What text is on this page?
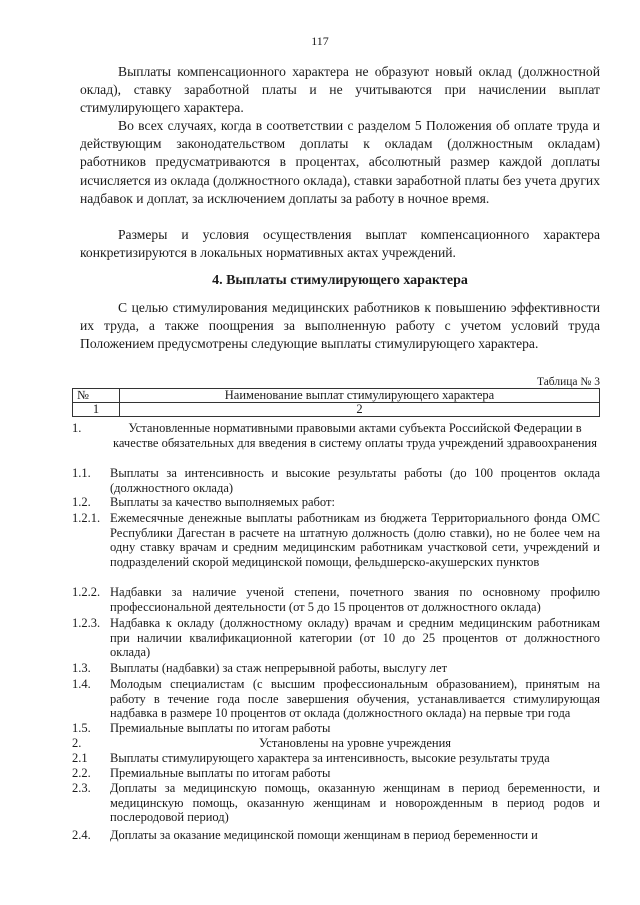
117

Выплаты компенсационного характера не образуют новый оклад (должностной оклад), ставку заработной платы и не учитываются при начислении выплат стимулирующего характера.

Во всех случаях, когда в соответствии с разделом 5 Положения об оплате труда и действующим законодательством доплаты к окладам (должностным окладам) работников предусматриваются в процентах, абсолютный размер каждой доплаты исчисляется из оклада (должностного оклада), ставки заработной платы без учета других надбавок и доплат, за исключением доплаты за работу в ночное время.

Размеры и условия осуществления выплат компенсационного характера конкретизируются в локальных нормативных актах учреждений.

4. Выплаты стимулирующего характера

С целью стимулирования медицинских работников к повышению эффективности их труда, а также поощрения за выполненную работу с учетом условий труда Положением предусмотрены следующие выплаты стимулирующего характера.

Таблица № 3
№	Наименование выплат стимулирующего характера
1	2
1.	Установленные нормативными правовыми актами субъекта Российской Федерации в качестве обязательных для введения в систему оплаты труда учреждений здравоохранения
1.1.	Выплаты за интенсивность и высокие результаты работы (до 100 процентов оклада (должностного оклада)
1.2.	Выплаты за качество выполняемых работ:
1.2.1. Ежемесячные денежные выплаты работникам из бюджета Территориального фонда ОМС Республики Дагестан в расчете на штатную должность (долю ставки), но не более чем на одну ставку врачам и средним медицинским работникам участковой сети, учреждений и подразделений скорой медицинской помощи, фельдшерско-акушерских пунктов
1.2.2. Надбавки за наличие ученой степени, почетного звания по основному профилю профессиональной деятельности (от 5 до 15 процентов от должностного оклада)
1.2.3. Надбавка к окладу (должностному окладу) врачам и средним медицинским работникам при наличии квалификационной категории (от 10 до 25 процентов от должностного оклада)
1.3.	Выплаты (надбавки) за стаж непрерывной работы, выслугу лет
1.4.	Молодым специалистам (с высшим профессиональным образованием), принятым на работу в течение года после завершения обучения, устанавливается стимулирующая надбавка в размере 10 процентов от оклада (должностного оклада) на первые три года
1.5.	Премиальные выплаты по итогам работы
2.	Установлены на уровне учреждения
2.1	Выплаты стимулирующего характера за интенсивность, высокие результаты труда
2.2.	Премиальные выплаты по итогам работы
2.3.	Доплаты за медицинскую помощь, оказанную женщинам в период беременности, и медицинскую помощь, оказанную женщинам и новорожденным в период родов и послеродовой период)
2.4.	Доплаты за оказание медицинской помощи женщинам в период беременности и
